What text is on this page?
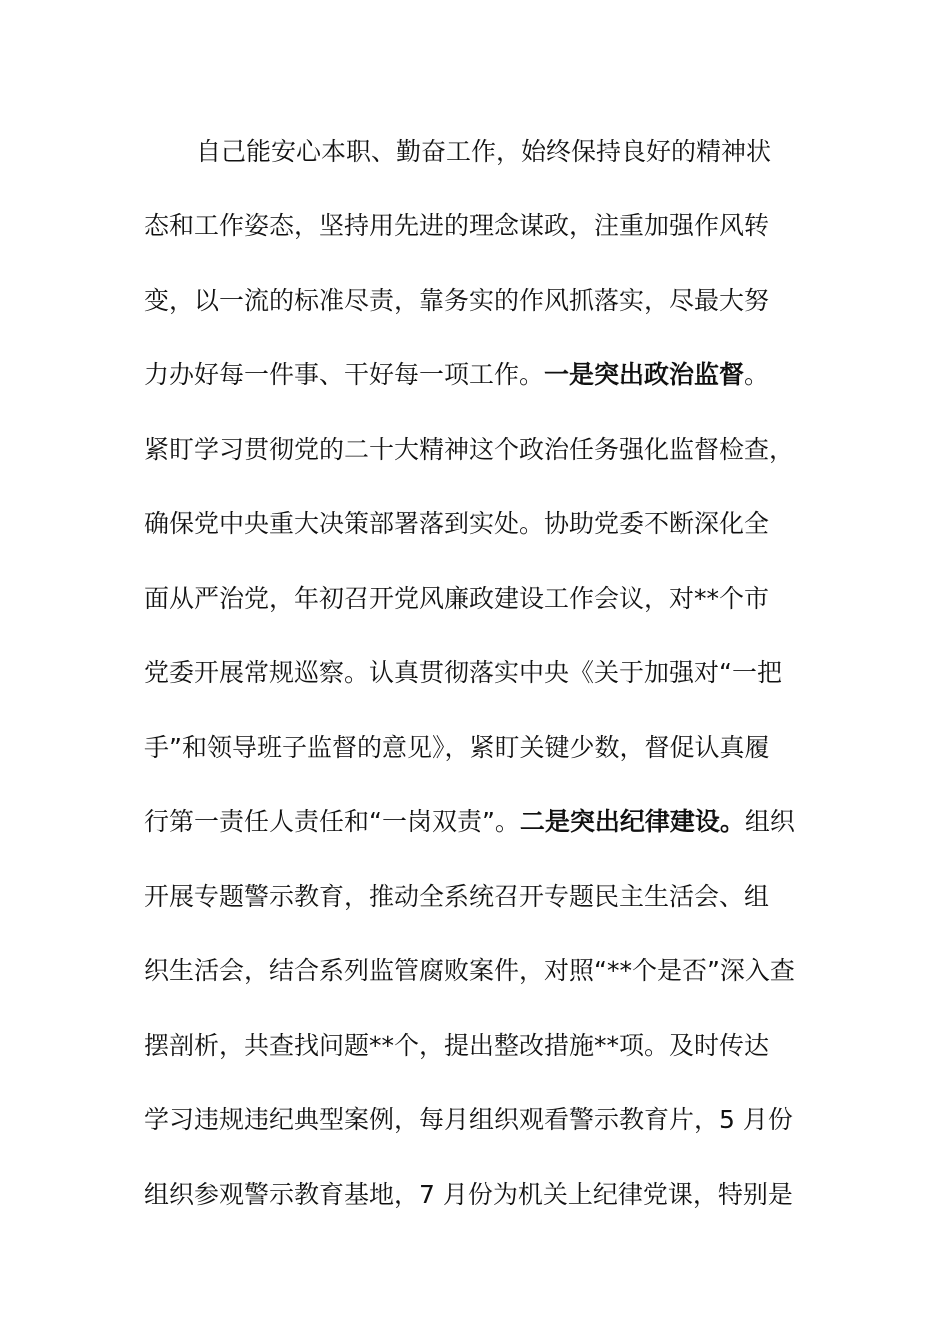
自己能安心本职、勤奋工作，始终保持良好的精神状
态和工作姿态，坚持用先进的理念谋政，注重加强作风转
变，以一流的标准尽责，靠务实的作风抓落实，尽最大努
力办好每一件事、干好每一项工作。一是突出政治监督。
紧盯学习贯彻党的二十大精神这个政治任务强化监督检查，
确保党中央重大决策部署落到实处。协助党委不断深化全
面从严治党，年初召开党风廉政建设工作会议，对**个市
党委开展常规巡察。认真贯彻落实中央《关于加强对“一把
手”和领导班子监督的意见》，紧盯关键少数，督促认真履
行第一责任人责任和“一岗双责”。二是突出纪律建设。组织
开展专题警示教育，推动全系统召开专题民主生活会、组
织生活会，结合系列监管腐败案件，对照“**个是否”深入查
摆剖析，共查找问题**个，提出整改措施**项。及时传达
学习违规违纪典型案例，每月组织观看警示教育片，5 月份
组织参观警示教育基地，7 月份为机关上纪律党课，特别是
